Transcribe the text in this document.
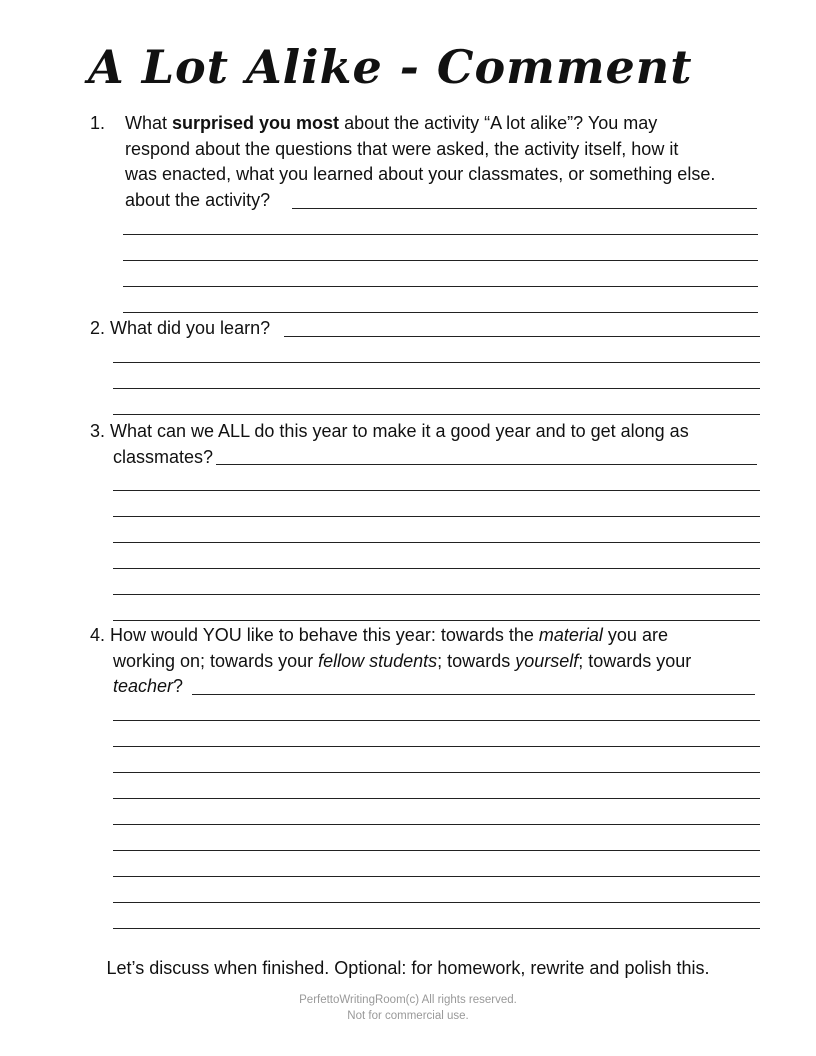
A Lot Alike - Comment
1. What surprised you most about the activity “A lot alike”? You may
respond about the questions that were asked, the activity itself, how it
was enacted, what you learned about your classmates, or something else.
about the activity?
2. What did you learn?
3. What can we ALL do this year to make it a good year and to get along as
classmates?
4. How would YOU like to behave this year: towards the material you are
working on; towards your fellow students; towards yourself; towards your
teacher?
Let’s discuss when finished. Optional: for homework, rewrite and polish this.
PerfettoWritingRoom(c) All rights reserved.
Not for commercial use.
